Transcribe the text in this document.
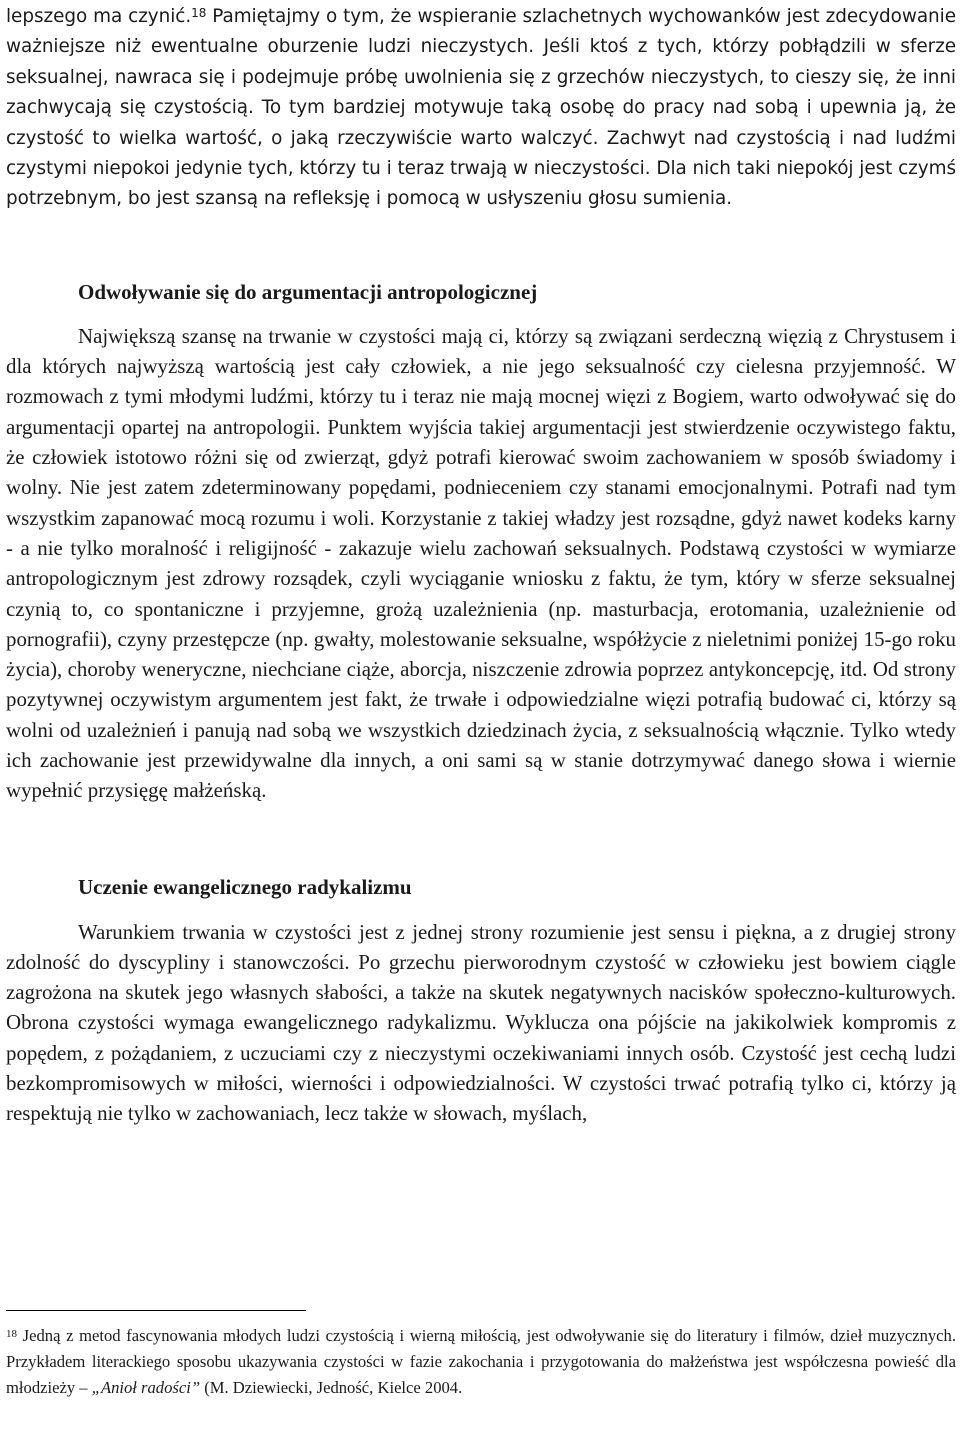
lepszego ma czynić.$^{18}$ Pamiętajmy o tym, że wspieranie szlachetnych wychowanków jest zdecydowanie ważniejsze niż ewentualne oburzenie ludzi nieczystych. Jeśli ktoś z tych, którzy pobłądzili w sferze seksualnej, nawraca się i podejmuje próbę uwolnienia się z grzechów nieczystych, to cieszy się, że inni zachwycają się czystością. To tym bardziej motywuje taką osobę do pracy nad sobą i upewnia ją, że czystość to wielka wartość, o jaką rzeczywiście warto walczyć. Zachwyt nad czystością i nad ludźmi czystymi niepokoi jedynie tych, którzy tu i teraz trwają w nieczystości. Dla nich taki niepokój jest czymś potrzebnym, bo jest szansą na refleksję i pomocą w usłyszeniu głosu sumienia.

Odwoływanie się do argumentacji antropologicznej

Największą szansę na trwanie w czystości mają ci, którzy są związani serdeczną więzią z Chrystusem i dla których najwyższą wartością jest cały człowiek, a nie jego seksualność czy cielesna przyjemność. W rozmowach z tymi młodymi ludźmi, którzy tu i teraz nie mają mocnej więzi z Bogiem, warto odwoływać się do argumentacji opartej na antropologii. Punktem wyjścia takiej argumentacji jest stwierdzenie oczywistego faktu, że człowiek istotowo różni się od zwierząt, gdyż potrafi kierować swoim zachowaniem w sposób świadomy i wolny. Nie jest zatem zdeterminowany popędami, podnieceniem czy stanami emocjonalnymi. Potrafi nad tym wszystkim zapanować mocą rozumu i woli. Korzystanie z takiej władzy jest rozsądne, gdyż nawet kodeks karny - a nie tylko moralność i religijność - zakazuje wielu zachowań seksualnych. Podstawą czystości w wymiarze antropologicznym jest zdrowy rozsądek, czyli wyciąganie wniosku z faktu, że tym, który w sferze seksualnej czynią to, co spontaniczne i przyjemne, grożą uzależnienia (np. masturbacja, erotomania, uzależnienie od pornografii), czyny przestępcze (np. gwałty, molestowanie seksualne, współżycie z nieletnimi poniżej 15-go roku życia), choroby weneryczne, niechciane ciąże, aborcja, niszczenie zdrowia poprzez antykoncepcję, itd. Od strony pozytywnej oczywistym argumentem jest fakt, że trwałe i odpowiedzialne więzi potrafią budować ci, którzy są wolni od uzależnień i panują nad sobą we wszystkich dziedzinach życia, z seksualnością włącznie. Tylko wtedy ich zachowanie jest przewidywalne dla innych, a oni sami są w stanie dotrzymywać danego słowa i wiernie wypełnić przysięgę małżeńską.

Uczenie ewangelicznego radykalizmu

Warunkiem trwania w czystości jest z jednej strony rozumienie jest sensu i piękna, a z drugiej strony zdolność do dyscypliny i stanowczości. Po grzechu pierworodnym czystość w człowieku jest bowiem ciągle zagrożona na skutek jego własnych słabości, a także na skutek negatywnych nacisków społeczno-kulturowych. Obrona czystości wymaga ewangelicznego radykalizmu. Wyklucza ona pójście na jakikolwiek kompromis z popędem, z pożądaniem, z uczuciami czy z nieczystymi oczekiwaniami innych osób. Czystość jest cechą ludzi bezkompromisowych w miłości, wierności i odpowiedzialności. W czystości trwać potrafią tylko ci, którzy ją respektują nie tylko w zachowaniach, lecz także w słowach, myślach,

$^{18}$ Jedną z metod fascynowania młodych ludzi czystością i wierną miłością, jest odwoływanie się do literatury i filmów, dzieł muzycznych. Przykładem literackiego sposobu ukazywania czystości w fazie zakochania i przygotowania do małżeństwa jest współczesna powieść dla młodzieży – „Anioł radości” (M. Dziewiecki, Jedność, Kielce 2004.
